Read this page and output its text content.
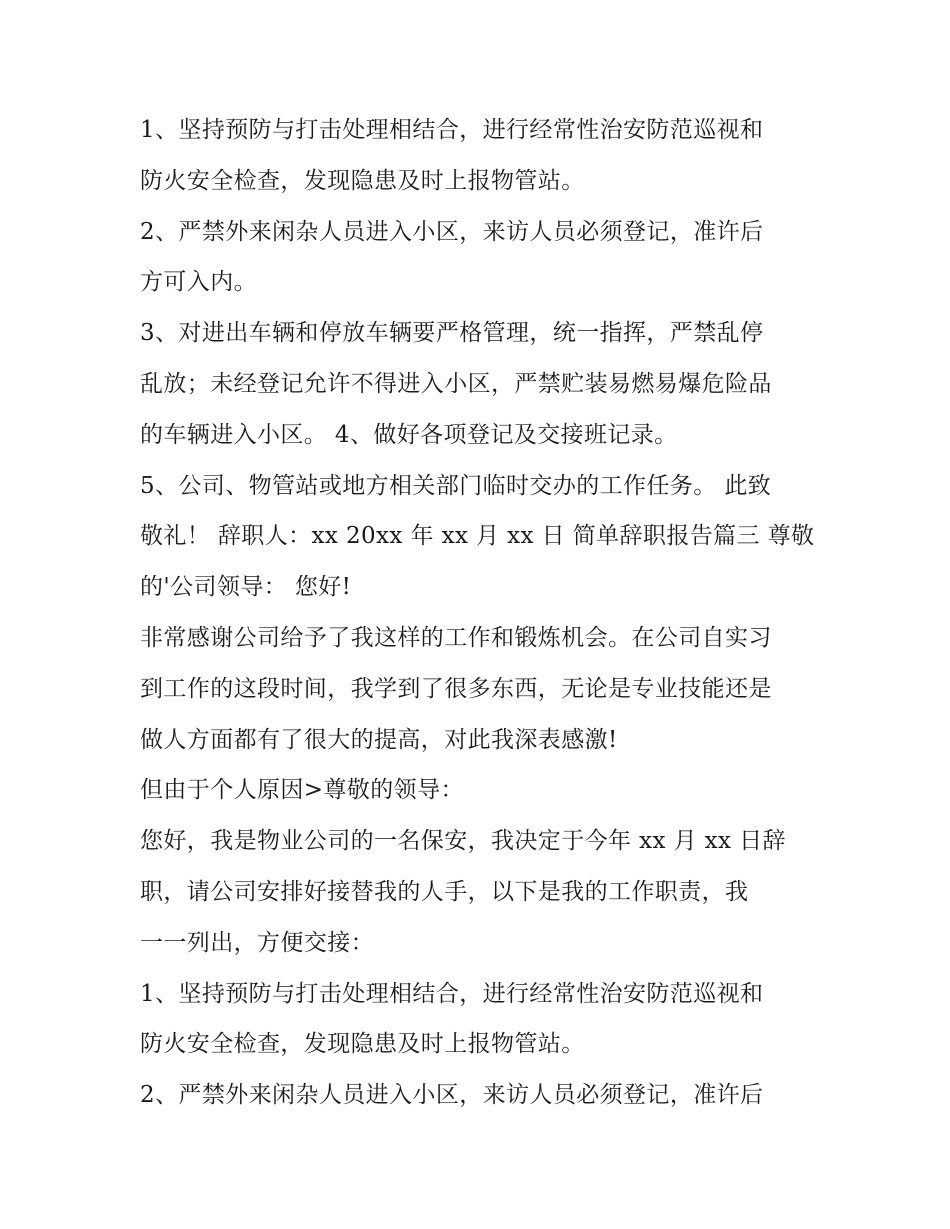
1、坚持预防与打击处理相结合，进行经常性治安防范巡视和
防火安全检查，发现隐患及时上报物管站。
2、严禁外来闲杂人员进入小区，来访人员必须登记，准许后
方可入内。
3、对进出车辆和停放车辆要严格管理，统一指挥，严禁乱停
乱放；未经登记允许不得进入小区，严禁贮装易燃易爆危险品
的车辆进入小区。 4、做好各项登记及交接班记录。
5、公司、物管站或地方相关部门临时交办的工作任务。 此致
敬礼！ 辞职人：xx 20xx 年 xx 月 xx 日 简单辞职报告篇三 尊敬
的'公司领导： 您好!
非常感谢公司给予了我这样的工作和锻炼机会。在公司自实习
到工作的这段时间，我学到了很多东西，无论是专业技能还是
做人方面都有了很大的提高，对此我深表感激!
但由于个人原因>尊敬的领导：
您好，我是物业公司的一名保安，我决定于今年 xx 月 xx 日辞
职，请公司安排好接替我的人手，以下是我的工作职责，我
一一列出，方便交接：
1、坚持预防与打击处理相结合，进行经常性治安防范巡视和
防火安全检查，发现隐患及时上报物管站。
2、严禁外来闲杂人员进入小区，来访人员必须登记，准许后
